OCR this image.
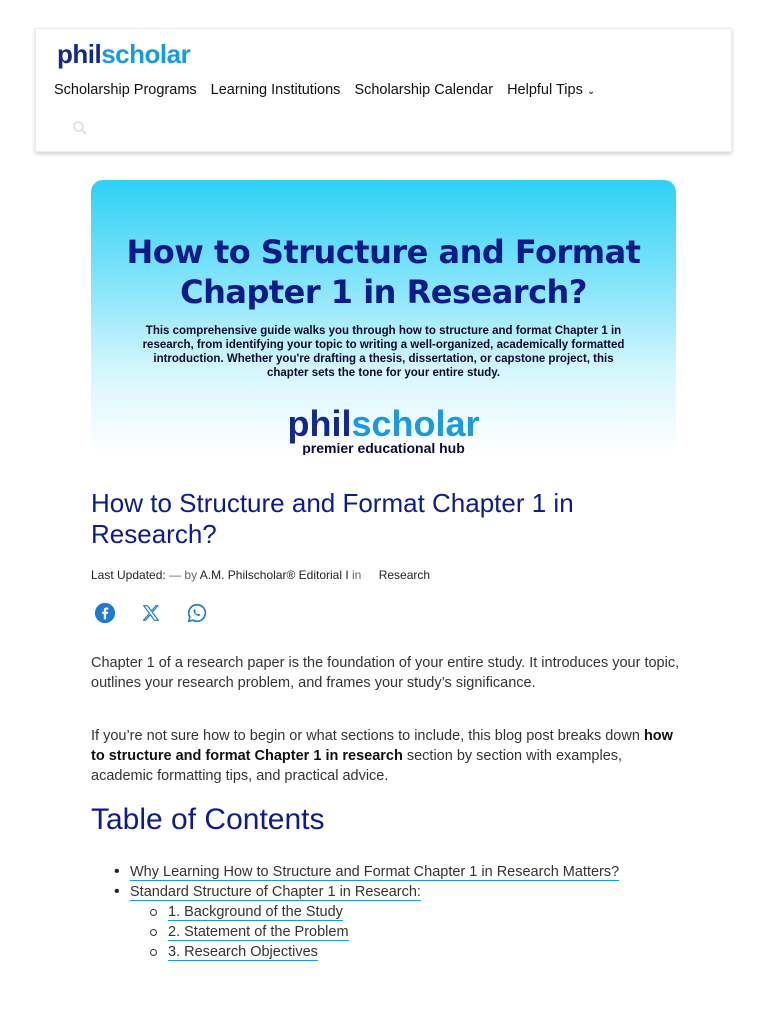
philscholar
Scholarship Programs Learning Institutions Scholarship Calendar Helpful Tips ⌄
How to Structure and Format Chapter 1 in Research?
This comprehensive guide walks you through how to structure and format Chapter 1 in research, from identifying your topic to writing a well-organized, academically formatted introduction. Whether you're drafting a thesis, dissertation, or capstone project, this chapter sets the tone for your entire study.
philscholar
premier educational hub
How to Structure and Format Chapter 1 in Research?
Last Updated: — by A.M. Philscholar® Editorial I in Research

Chapter 1 of a research paper is the foundation of your entire study. It introduces your topic, outlines your research problem, and frames your study’s significance.

If you’re not sure how to begin or what sections to include, this blog post breaks down how to structure and format Chapter 1 in research section by section with examples, academic formatting tips, and practical advice.

Table of Contents
• Why Learning How to Structure and Format Chapter 1 in Research Matters?
• Standard Structure of Chapter 1 in Research:
1. Background of the Study
2. Statement of the Problem
3. Research Objectives
